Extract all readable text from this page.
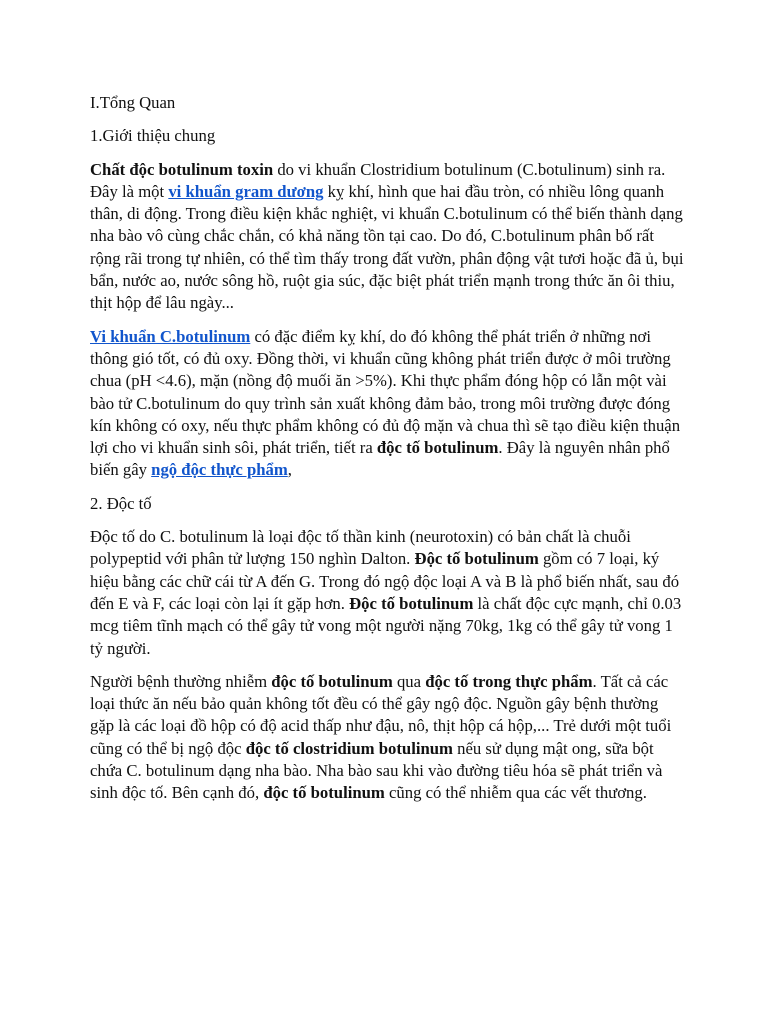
I.Tổng Quan

1.Giới thiệu chung

Chất độc botulinum toxin do vi khuẩn Clostridium botulinum (C.botulinum) sinh ra. Đây là một vi khuẩn gram dương kỵ khí, hình que hai đầu tròn, có nhiều lông quanh thân, di động. Trong điều kiện khắc nghiệt, vi khuẩn C.botulinum có thể biến thành dạng nha bào vô cùng chắc chắn, có khả năng tồn tại cao. Do đó, C.botulinum phân bố rất rộng rãi trong tự nhiên, có thể tìm thấy trong đất vườn, phân động vật tươi hoặc đã ủ, bụi bẩn, nước ao, nước sông hồ, ruột gia súc, đặc biệt phát triển mạnh trong thức ăn ôi thiu, thịt hộp để lâu ngày...

Vi khuẩn C.botulinum có đặc điểm kỵ khí, do đó không thể phát triển ở những nơi thông gió tốt, có đủ oxy. Đồng thời, vi khuẩn cũng không phát triển được ở môi trường chua (pH <4.6), mặn (nồng độ muối ăn >5%). Khi thực phẩm đóng hộp có lẫn một vài bào tử C.botulinum do quy trình sản xuất không đảm bảo, trong môi trường được đóng kín không có oxy, nếu thực phẩm không có đủ độ mặn và chua thì sẽ tạo điều kiện thuận lợi cho vi khuẩn sinh sôi, phát triển, tiết ra độc tố botulinum. Đây là nguyên nhân phổ biến gây ngộ độc thực phẩm,

2. Độc tố

Độc tố do C. botulinum là loại độc tố thần kinh (neurotoxin) có bản chất là chuỗi polypeptid với phân tử lượng 150 nghìn Dalton. Độc tố botulinum gồm có 7 loại, ký hiệu bằng các chữ cái từ A đến G. Trong đó ngộ độc loại A và B là phổ biến nhất, sau đó đến E và F, các loại còn lại ít gặp hơn. Độc tố botulinum là chất độc cực mạnh, chỉ 0.03 mcg tiêm tĩnh mạch có thể gây tử vong một người nặng 70kg, 1kg có thể gây tử vong 1 tỷ người.

Người bệnh thường nhiễm độc tố botulinum qua độc tố trong thực phẩm. Tất cả các loại thức ăn nếu bảo quản không tốt đều có thể gây ngộ độc. Nguồn gây bệnh thường gặp là các loại đồ hộp có độ acid thấp như đậu, nô, thịt hộp cá hộp,... Trẻ dưới một tuổi cũng có thể bị ngộ độc độc tố clostridium botulinum nếu sử dụng mật ong, sữa bột chứa C. botulinum dạng nha bào. Nha bào sau khi vào đường tiêu hóa sẽ phát triển và sinh độc tố. Bên cạnh đó, độc tố botulinum cũng có thể nhiễm qua các vết thương.
